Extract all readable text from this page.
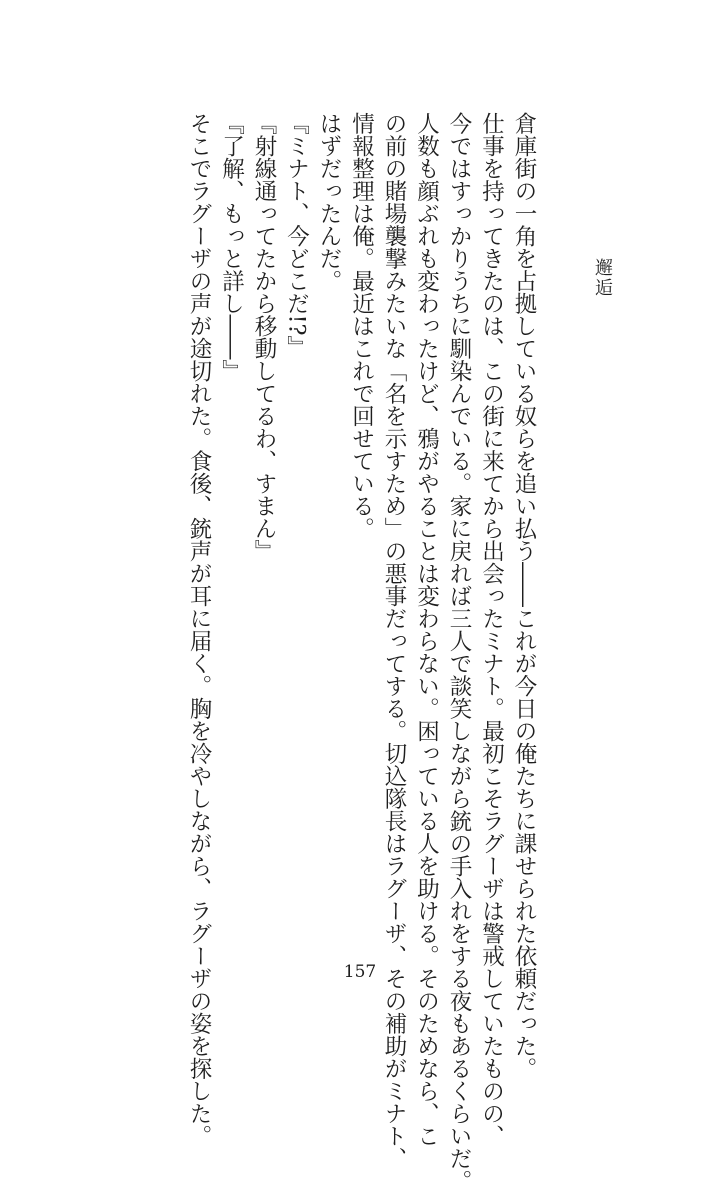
邂逅

倉庫街の一角を占拠している奴らを追い払う――これが今日の俺たちに課せられた依頼だった。

仕事を持ってきたのは、この街に来てから出会ったミナト。最初こそラグーザは警戒していたものの、

今ではすっかりうちに馴染んでいる。家に戻れば三人で談笑しながら銃の手入れをする夜もあるくらいだ。

人数も顔ぶれも変わったけど、鴉がやることは変わらない。困っている人を助ける。そのためなら、こ

の前の賭場襲撃みたいな「名を示すため」の悪事だってする。切込隊長はラグーザ、その補助がミナト、

情報整理は俺。最近はこれで回せている。

はずだったんだ。

『ミナト、今どこだ!?』

『射線通ってたから移動してるわ、すまん』

『了解、もっと詳し――』

そこでラグーザの声が途切れた。食後、銃声が耳に届く。胸を冷やしながら、ラグーザの姿を探した。	157
